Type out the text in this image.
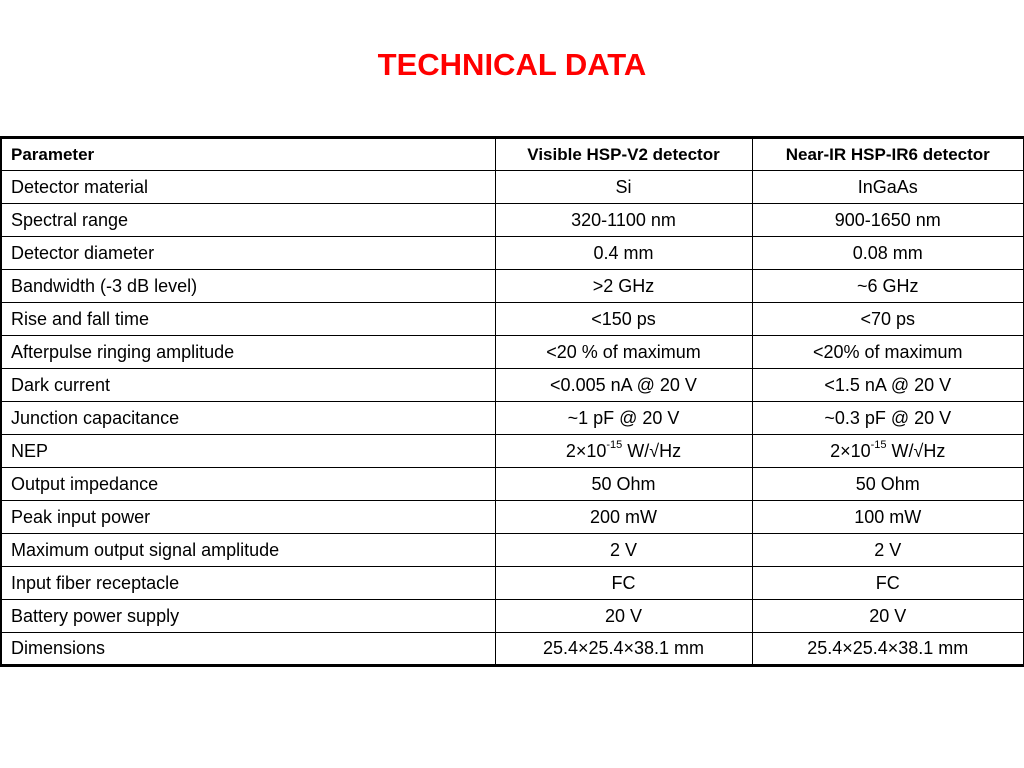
TECHNICAL DATA
Parameter	Visible HSP-V2 detector	Near-IR HSP-IR6 detector
Detector material	Si	InGaAs
Spectral range	320-1100 nm	900-1650 nm
Detector diameter	0.4 mm	0.08 mm
Bandwidth (-3 dB level)	>2 GHz	~6 GHz
Rise and fall time	<150 ps	<70 ps
Afterpulse ringing amplitude	<20 % of maximum	<20% of maximum
Dark current	<0.005 nA @ 20 V	<1.5 nA @ 20 V
Junction capacitance	~1 pF @ 20 V	~0.3 pF @ 20 V
NEP	$2\times 10^{-15}$ W/√Hz	$2\times 10^{-15}$ W/√Hz
Output impedance	50 Ohm	50 Ohm
Peak input power	200 mW	100 mW
Maximum output signal amplitude	2 V	2 V
Input fiber receptacle	FC	FC
Battery power supply	20 V	20 V
Dimensions	25.4×25.4×38.1 mm	25.4×25.4×38.1 mm
